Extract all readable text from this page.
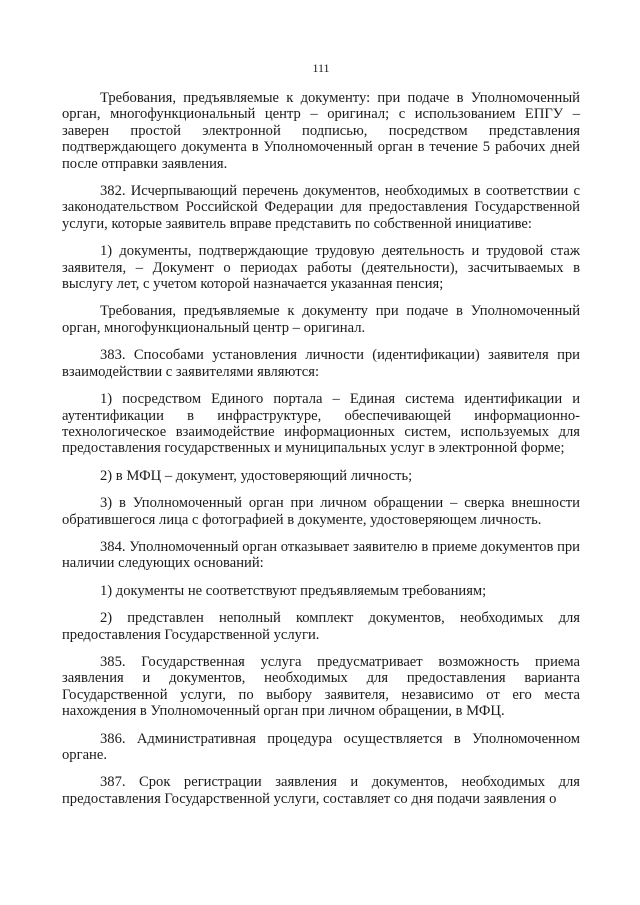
111

Требования, предъявляемые к документу: при подаче в Уполномоченный орган, многофункциональный центр – оригинал; с использованием ЕПГУ – заверен простой электронной подписью, посредством представления подтверждающего документа в Уполномоченный орган в течение 5 рабочих дней после отправки заявления.

382. Исчерпывающий перечень документов, необходимых в соответствии с законодательством Российской Федерации для предоставления Государственной услуги, которые заявитель вправе представить по собственной инициативе:

1) документы, подтверждающие трудовую деятельность и трудовой стаж заявителя, – Документ о периодах работы (деятельности), засчитываемых в выслугу лет, с учетом которой назначается указанная пенсия;

Требования, предъявляемые к документу при подаче в Уполномоченный орган, многофункциональный центр – оригинал.

383. Способами установления личности (идентификации) заявителя при взаимодействии с заявителями являются:

1) посредством Единого портала – Единая система идентификации и аутентификации в инфраструктуре, обеспечивающей информационно-технологическое взаимодействие информационных систем, используемых для предоставления государственных и муниципальных услуг в электронной форме;

2) в МФЦ – документ, удостоверяющий личность;

3) в Уполномоченный орган при личном обращении – сверка внешности обратившегося лица с фотографией в документе, удостоверяющем личность.

384. Уполномоченный орган отказывает заявителю в приеме документов при наличии следующих оснований:

1) документы не соответствуют предъявляемым требованиям;

2) представлен неполный комплект документов, необходимых для предоставления Государственной услуги.

385. Государственная услуга предусматривает возможность приема заявления и документов, необходимых для предоставления варианта Государственной услуги, по выбору заявителя, независимо от его места нахождения в Уполномоченный орган при личном обращении, в МФЦ.

386. Административная процедура осуществляется в Уполномоченном органе.

387. Срок регистрации заявления и документов, необходимых для предоставления Государственной услуги, составляет со дня подачи заявления о
